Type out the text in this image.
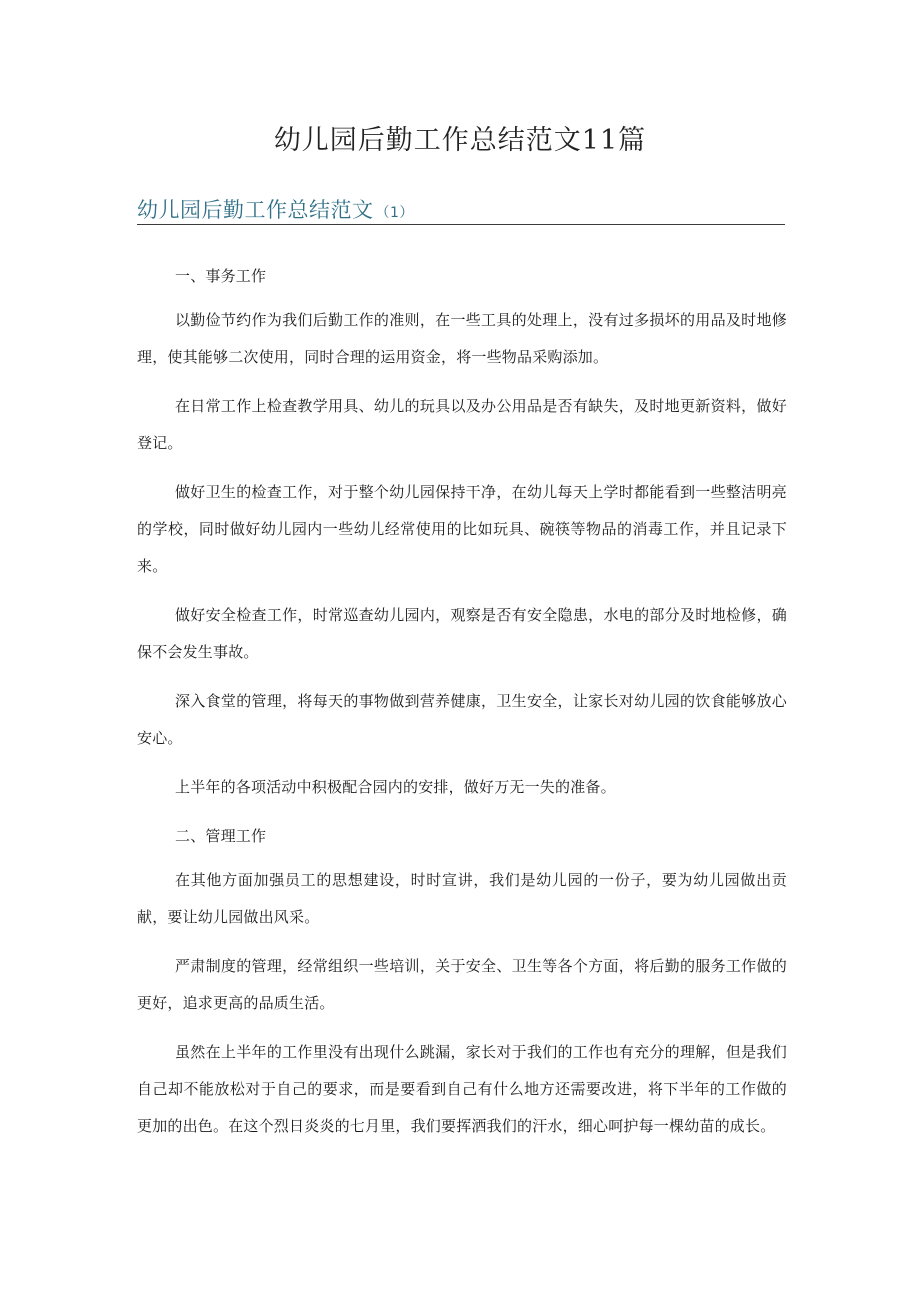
幼儿园后勤工作总结范文11篇
幼儿园后勤工作总结范文 （1）

一、事务工作

以勤俭节约作为我们后勤工作的准则，在一些工具的处理上，没有过多损坏的用品及时地修理，使其能够二次使用，同时合理的运用资金，将一些物品采购添加。

在日常工作上检查教学用具、幼儿的玩具以及办公用品是否有缺失，及时地更新资料，做好登记。

做好卫生的检查工作，对于整个幼儿园保持干净，在幼儿每天上学时都能看到一些整洁明亮的学校，同时做好幼儿园内一些幼儿经常使用的比如玩具、碗筷等物品的消毒工作，并且记录下来。

做好安全检查工作，时常巡查幼儿园内，观察是否有安全隐患，水电的部分及时地检修，确保不会发生事故。

深入食堂的管理，将每天的事物做到营养健康，卫生安全，让家长对幼儿园的饮食能够放心安心。

上半年的各项活动中积极配合园内的安排，做好万无一失的准备。

二、管理工作

在其他方面加强员工的思想建设，时时宣讲，我们是幼儿园的一份子，要为幼儿园做出贡献，要让幼儿园做出风采。

严肃制度的管理，经常组织一些培训，关于安全、卫生等各个方面，将后勤的服务工作做的更好，追求更高的品质生活。

虽然在上半年的工作里没有出现什么跳漏，家长对于我们的工作也有充分的理解，但是我们自己却不能放松对于自己的要求，而是要看到自己有什么地方还需要改进，将下半年的工作做的更加的出色。在这个烈日炎炎的七月里，我们要挥洒我们的汗水，细心呵护每一棵幼苗的成长。
